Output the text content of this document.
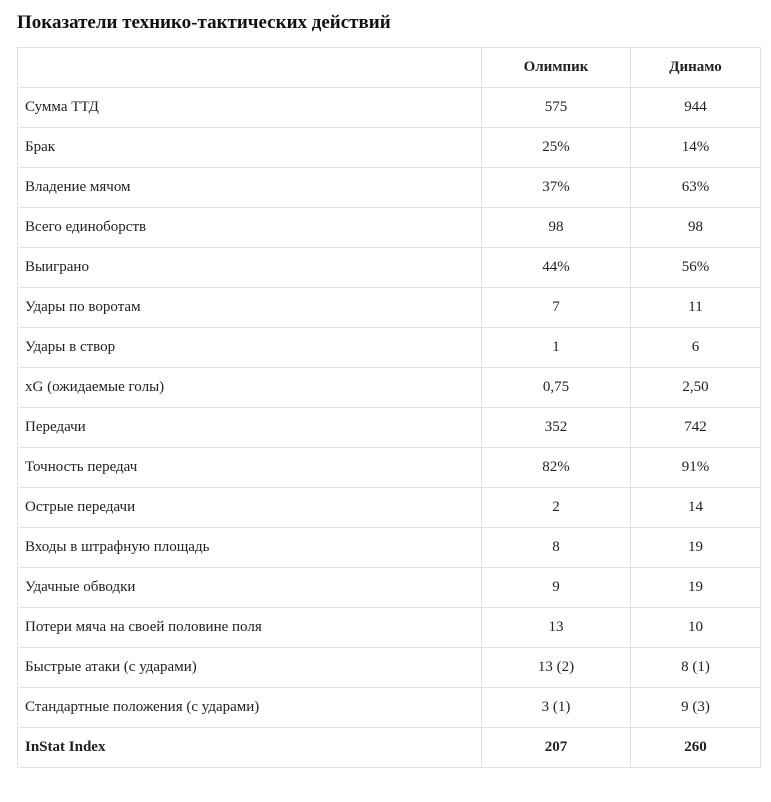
Показатели технико-тактических действий
	Олимпик	Динамо
Сумма ТТД	575	944
Брак	25%	14%
Владение мячом	37%	63%
Всего единоборств	98	98
Выиграно	44%	56%
Удары по воротам	7	11
Удары в створ	1	6
xG (ожидаемые голы)	0,75	2,50
Передачи	352	742
Точность передач	82%	91%
Острые передачи	2	14
Входы в штрафную площадь	8	19
Удачные обводки	9	19
Потери мяча на своей половине поля	13	10
Быстрые атаки (с ударами)	13 (2)	8 (1)
Стандартные положения (с ударами)	3 (1)	9 (3)
InStat Index	207	260
